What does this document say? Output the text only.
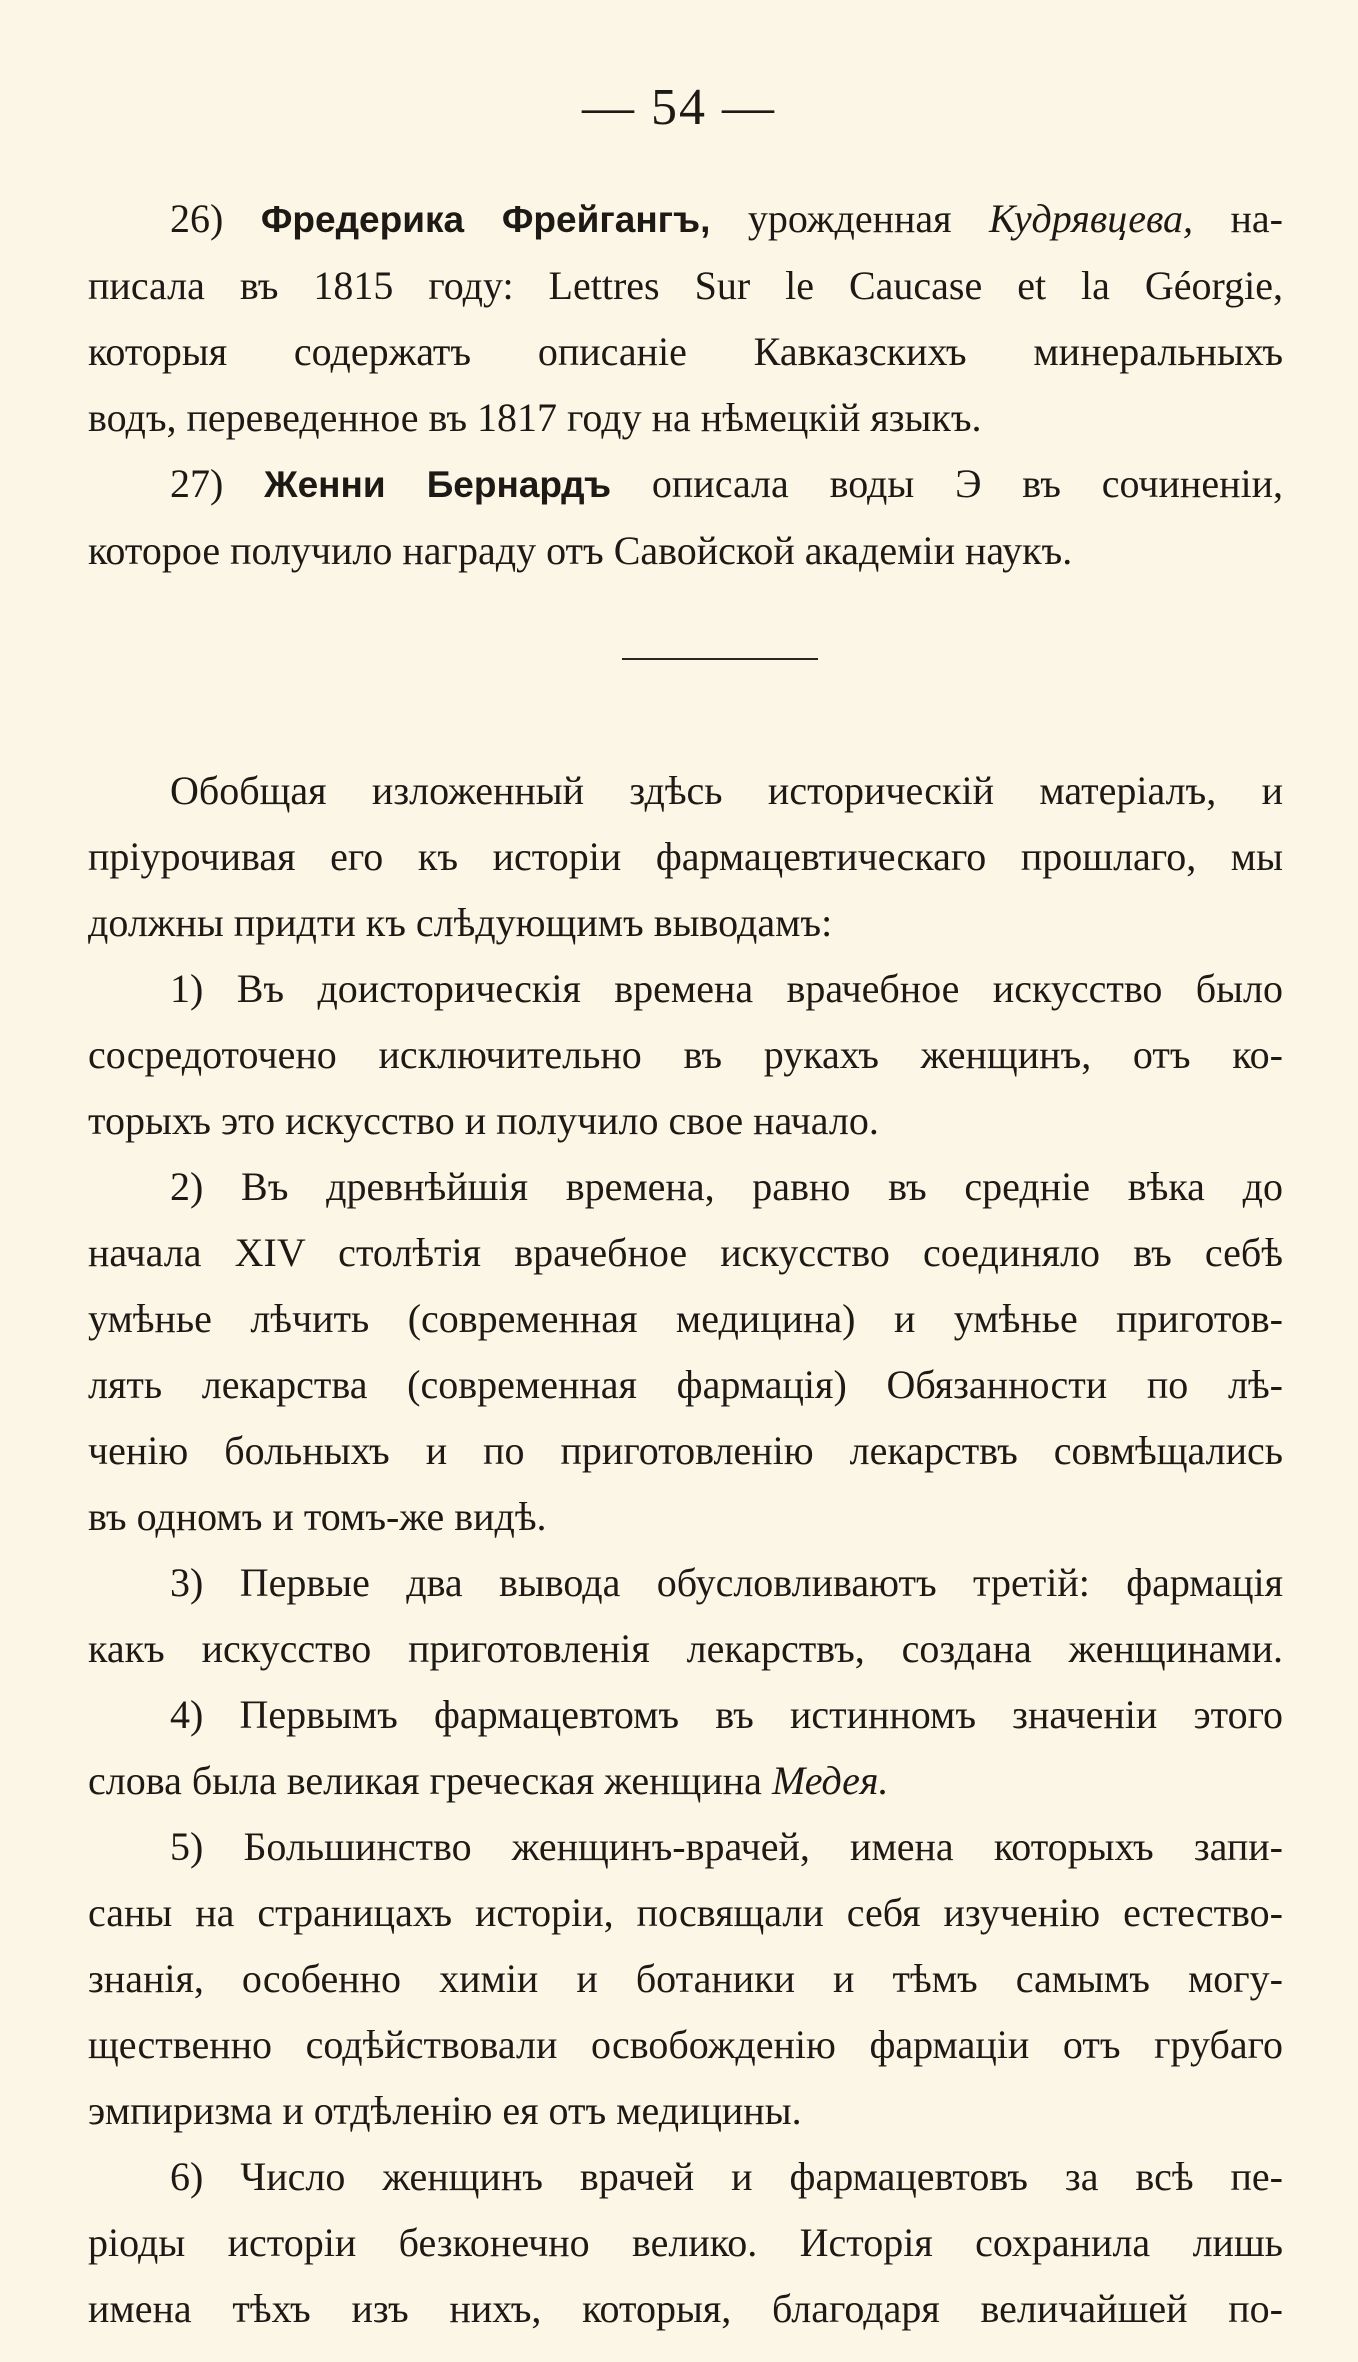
— 54 —
26) Фредерика Фрейгангъ, урожденная Кудрявцева, на-
писала въ 1815 году: Lettres Sur le Caucase et la Géorgie,
которыя содержатъ описаніе Кавказскихъ минеральныхъ
водъ, переведенное въ 1817 году на нѣмецкій языкъ.
27) Женни Бернардъ описала воды Э въ сочиненіи,
которое получило награду отъ Савойской академіи наукъ.
Обобщая изложенный здѣсь историческій матеріалъ, и
пріурочивая его къ исторіи фармацевтическаго прошлаго, мы
должны придти къ слѣдующимъ выводамъ:
1) Въ доисторическія времена врачебное искусство было
сосредоточено исключительно въ рукахъ женщинъ, отъ ко-
торыхъ это искусство и получило свое начало.
2) Въ древнѣйшія времена, равно въ средніе вѣка до
начала XIV столѣтія врачебное искусство соединяло въ себѣ
умѣнье лѣчить (современная медицина) и умѣнье приготов-
лять лекарства (современная фармація) Обязанности по лѣ-
ченію больныхъ и по приготовленію лекарствъ совмѣщались
въ одномъ и томъ-же видѣ.
3) Первые два вывода обусловливаютъ третій: фармація
какъ искусство приготовленія лекарствъ, создана женщинами.
4) Первымъ фармацевтомъ въ истинномъ значеніи этого
слова была великая греческая женщина Медея.
5) Большинство женщинъ-врачей, имена которыхъ запи-
саны на страницахъ исторіи, посвящали себя изученію естество-
знанія, особенно химіи и ботаники и тѣмъ самымъ могу-
щественно содѣйствовали освобожденію фармаціи отъ грубаго
эмпиризма и отдѣленію ея отъ медицины.
6) Число женщинъ врачей и фармацевтовъ за всѣ пе-
ріоды исторіи безконечно велико. Исторія сохранила лишь
имена тѣхъ изъ нихъ, которыя, благодаря величайшей по-
